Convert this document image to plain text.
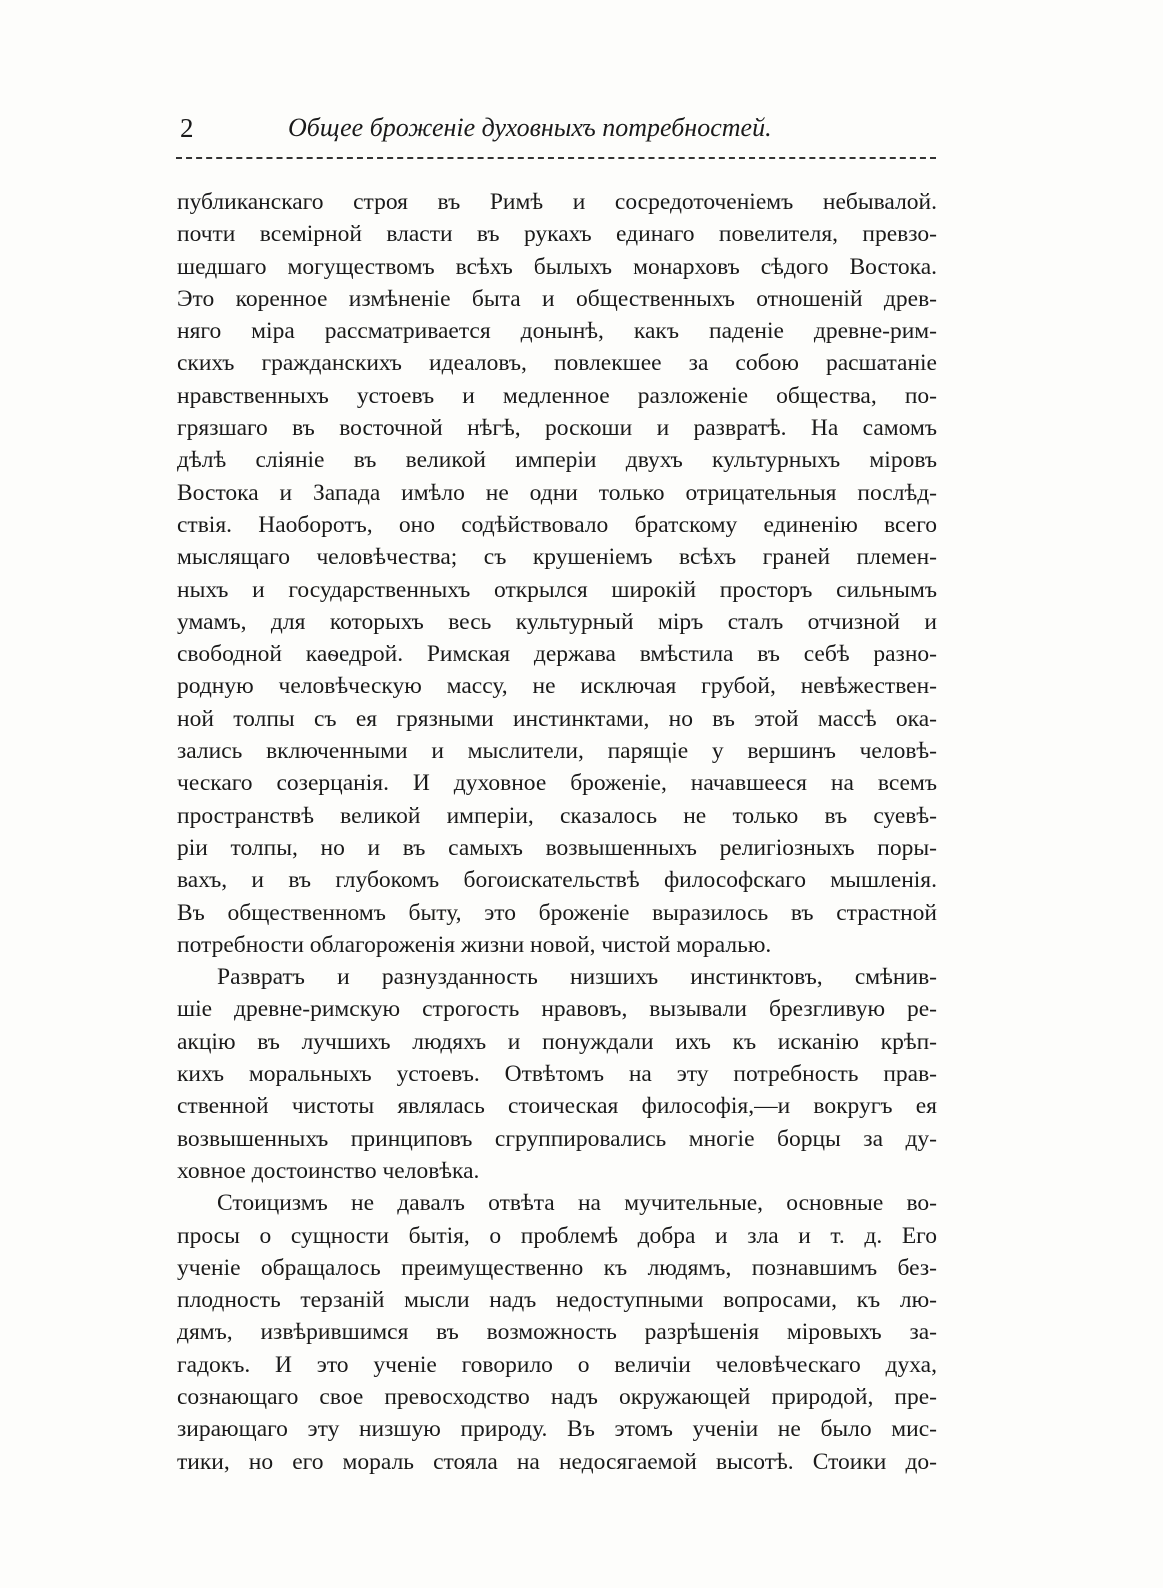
2	Общее броженіе духовныхъ потребностей.
публиканскаго строя въ Римѣ и сосредоточеніемъ небывалой.
почти всемірной власти въ рукахъ единаго повелителя, превзо-
шедшаго могуществомъ всѣхъ былыхъ монарховъ сѣдого Востока.
Это коренное измѣненіе быта и общественныхъ отношеній древ-
няго міра рассматривается донынѣ, какъ паденіе древне-рим-
скихъ гражданскихъ идеаловъ, повлекшее за собою расшатаніе
нравственныхъ устоевъ и медленное разложеніе общества, по-
грязшаго въ восточной нѣгѣ, роскоши и развратѣ. На самомъ
дѣлѣ сліяніе въ великой имперіи двухъ культурныхъ міровъ
Востока и Запада имѣло не одни только отрицательныя послѣд-
ствія. Наоборотъ, оно содѣйствовало братскому единенію всего
мыслящаго человѣчества; съ крушеніемъ всѣхъ граней племен-
ныхъ и государственныхъ открылся широкій просторъ сильнымъ
умамъ, для которыхъ весь культурный міръ сталъ отчизной и
свободной каѳедрой. Римская держава вмѣстила въ себѣ разно-
родную человѣческую массу, не исключая грубой, невѣжествен-
ной толпы съ ея грязными инстинктами, но въ этой массѣ ока-
зались включенными и мыслители, парящіе у вершинъ человѣ-
ческаго созерцанія. И духовное броженіе, начавшееся на всемъ
пространствѣ великой имперіи, сказалось не только въ суевѣ-
ріи толпы, но и въ самыхъ возвышенныхъ религіозныхъ поры-
вахъ, и въ глубокомъ богоискательствѣ философскаго мышленія.
Въ общественномъ быту, это броженіе выразилось въ страстной
потребности облагороженія жизни новой, чистой моралью.
Развратъ и разнузданность низшихъ инстинктовъ, смѣнив-
шіе древне-римскую строгость нравовъ, вызывали брезгливую ре-
акцію въ лучшихъ людяхъ и понуждали ихъ къ исканію крѣп-
кихъ моральныхъ устоевъ. Отвѣтомъ на эту потребность прав-
ственной чистоты являлась стоическая философія,—и вокругъ ея
возвышенныхъ принциповъ сгруппировались многіе борцы за ду-
ховное достоинство человѣка.
Стоицизмъ не давалъ отвѣта на мучительные, основные во-
просы о сущности бытія, о проблемѣ добра и зла и т. д. Его
ученіе обращалось преимущественно къ людямъ, познавшимъ без-
плодность терзаній мысли надъ недоступными вопросами, къ лю-
дямъ, извѣрившимся въ возможность разрѣшенія міровыхъ за-
гадокъ. И это ученіе говорило о величіи человѣческаго духа,
сознающаго свое превосходство надъ окружающей природой, пре-
зирающаго эту низшую природу. Въ этомъ ученіи не было мис-
тики, но его мораль стояла на недосягаемой высотѣ. Стоики до-
